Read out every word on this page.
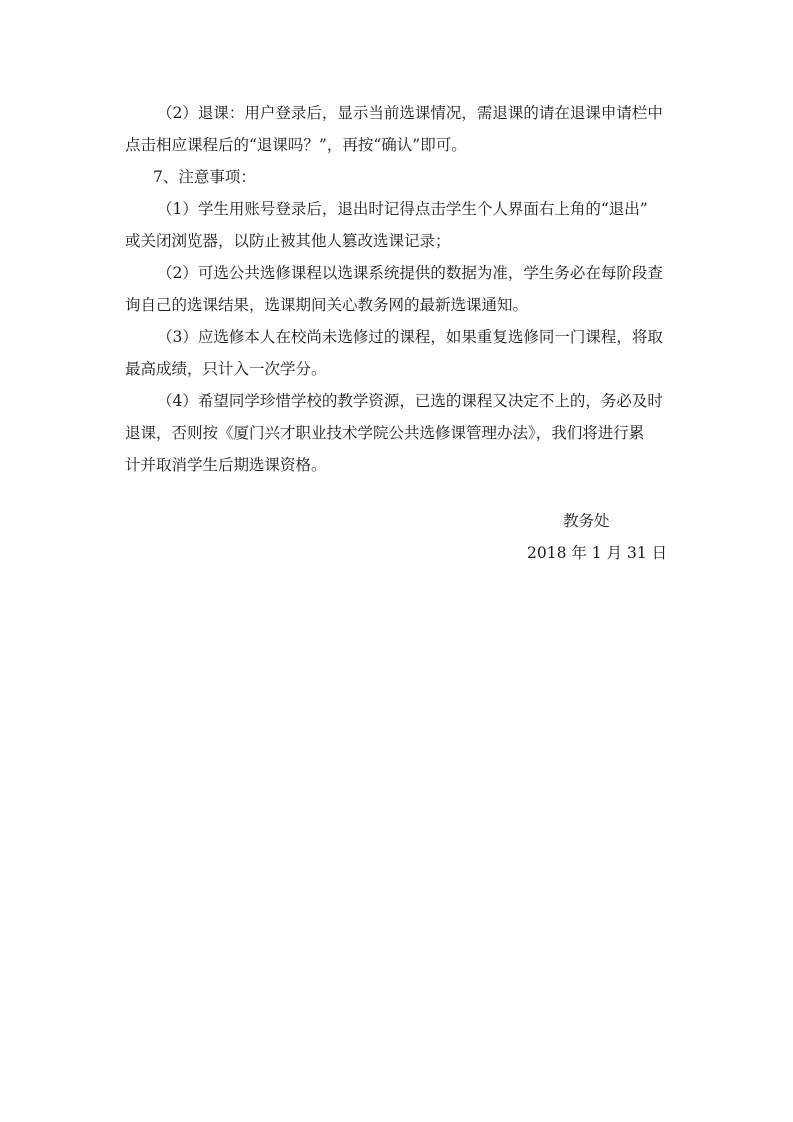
（2）退课：用户登录后，显示当前选课情况，需退课的请在退课申请栏中
点击相应课程后的“退课吗？”，再按“确认”即可。
7、注意事项：
（1）学生用账号登录后，退出时记得点击学生个人界面右上角的“退出”
或关闭浏览器，以防止被其他人篡改选课记录；
（2）可选公共选修课程以选课系统提供的数据为准，学生务必在每阶段查
询自己的选课结果，选课期间关心教务网的最新选课通知。
（3）应选修本人在校尚未选修过的课程，如果重复选修同一门课程，将取
最高成绩，只计入一次学分。
（4）希望同学珍惜学校的教学资源，已选的课程又决定不上的，务必及时
退课，否则按《厦门兴才职业技术学院公共选修课管理办法》，我们将进行累
计并取消学生后期选课资格。
教务处
2018 年 1 月 31 日
